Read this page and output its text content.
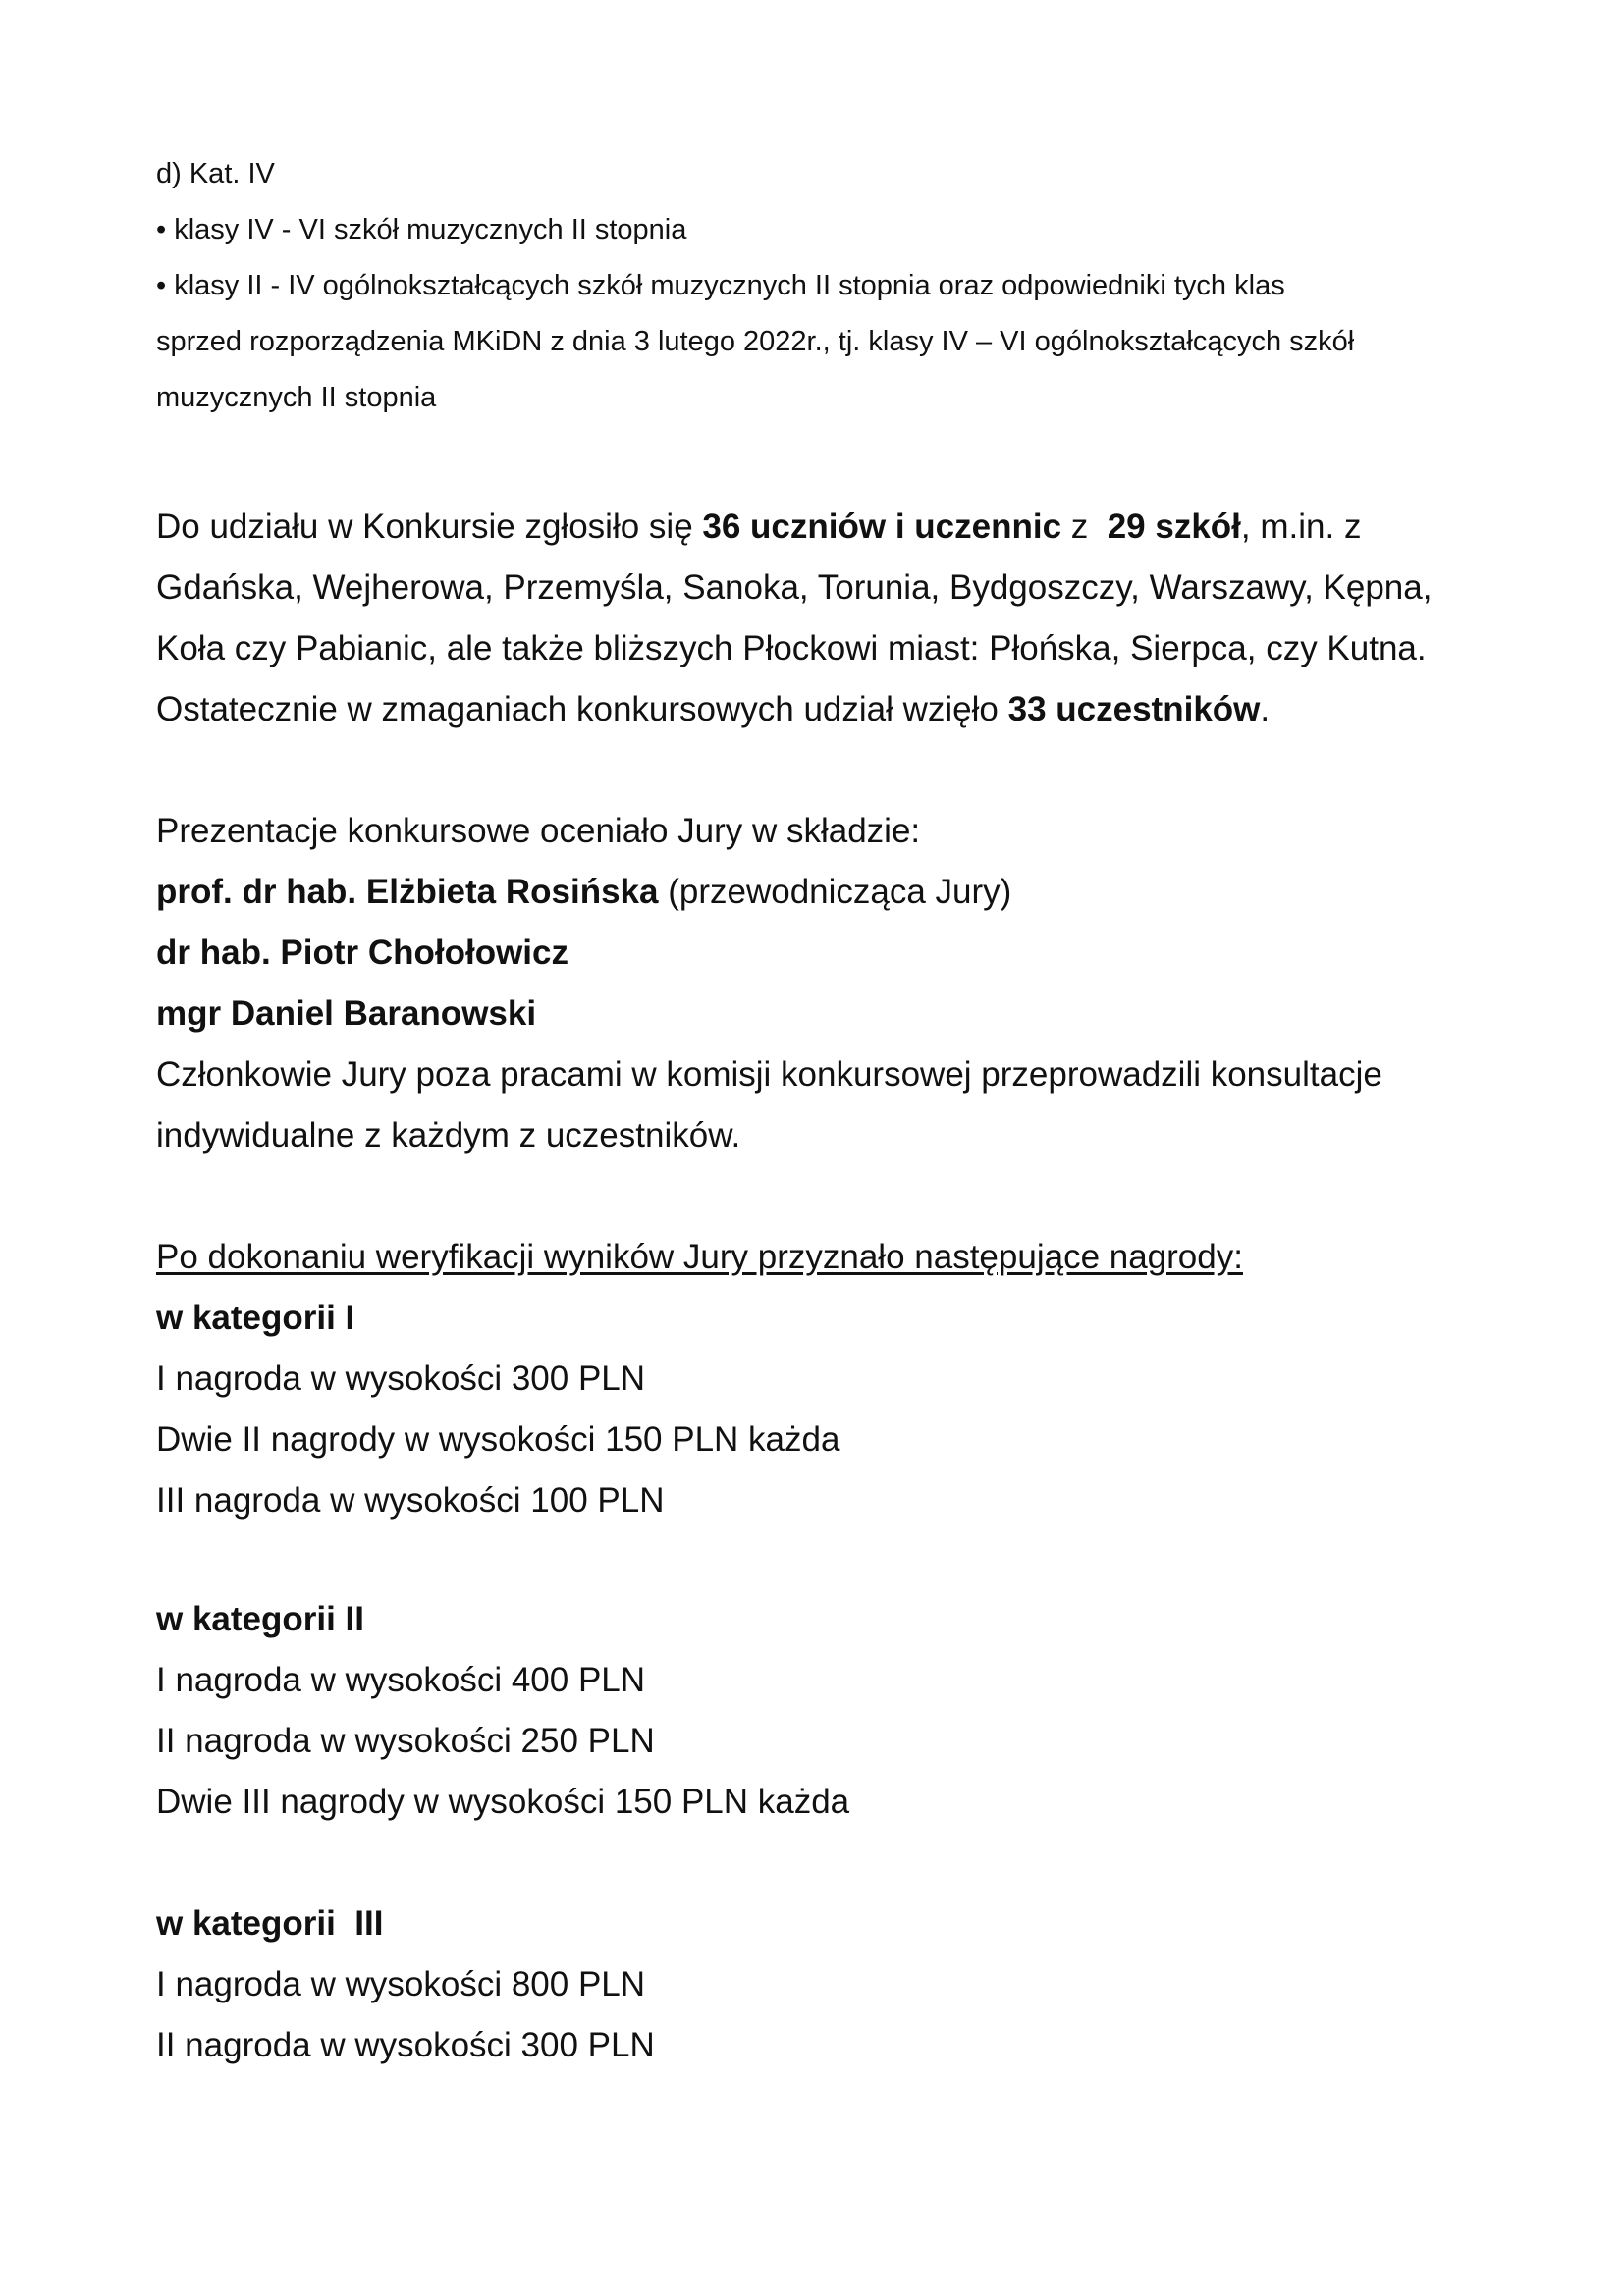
d) Kat. IV
• klasy IV - VI szkół muzycznych II stopnia
• klasy II - IV ogólnokształcących szkół muzycznych II stopnia oraz odpowiedniki tych klas
sprzed rozporządzenia MKiDN z dnia 3 lutego 2022r., tj. klasy IV – VI ogólnokształcących szkół
muzycznych II stopnia
Do udziału w Konkursie zgłosiło się 36 uczniów i uczennic z  29 szkół, m.in. z
Gdańska, Wejherowa, Przemyśla, Sanoka, Torunia, Bydgoszczy, Warszawy, Kępna,
Koła czy Pabianic, ale także bliższych Płockowi miast: Płońska, Sierpca, czy Kutna.
Ostatecznie w zmaganiach konkursowych udział wzięło 33 uczestników.
Prezentacje konkursowe oceniało Jury w składzie:
prof. dr hab. Elżbieta Rosińska (przewodnicząca Jury)
dr hab. Piotr Chołołowicz
mgr Daniel Baranowski
Członkowie Jury poza pracami w komisji konkursowej przeprowadzili konsultacje
indywidualne z każdym z uczestników.
Po dokonaniu weryfikacji wyników Jury przyznało następujące nagrody:
w kategorii I
I nagroda w wysokości 300 PLN
Dwie II nagrody w wysokości 150 PLN każda
III nagroda w wysokości 100 PLN
w kategorii II
I nagroda w wysokości 400 PLN
II nagroda w wysokości 250 PLN
Dwie III nagrody w wysokości 150 PLN każda
w kategorii  III
I nagroda w wysokości 800 PLN
II nagroda w wysokości 300 PLN
